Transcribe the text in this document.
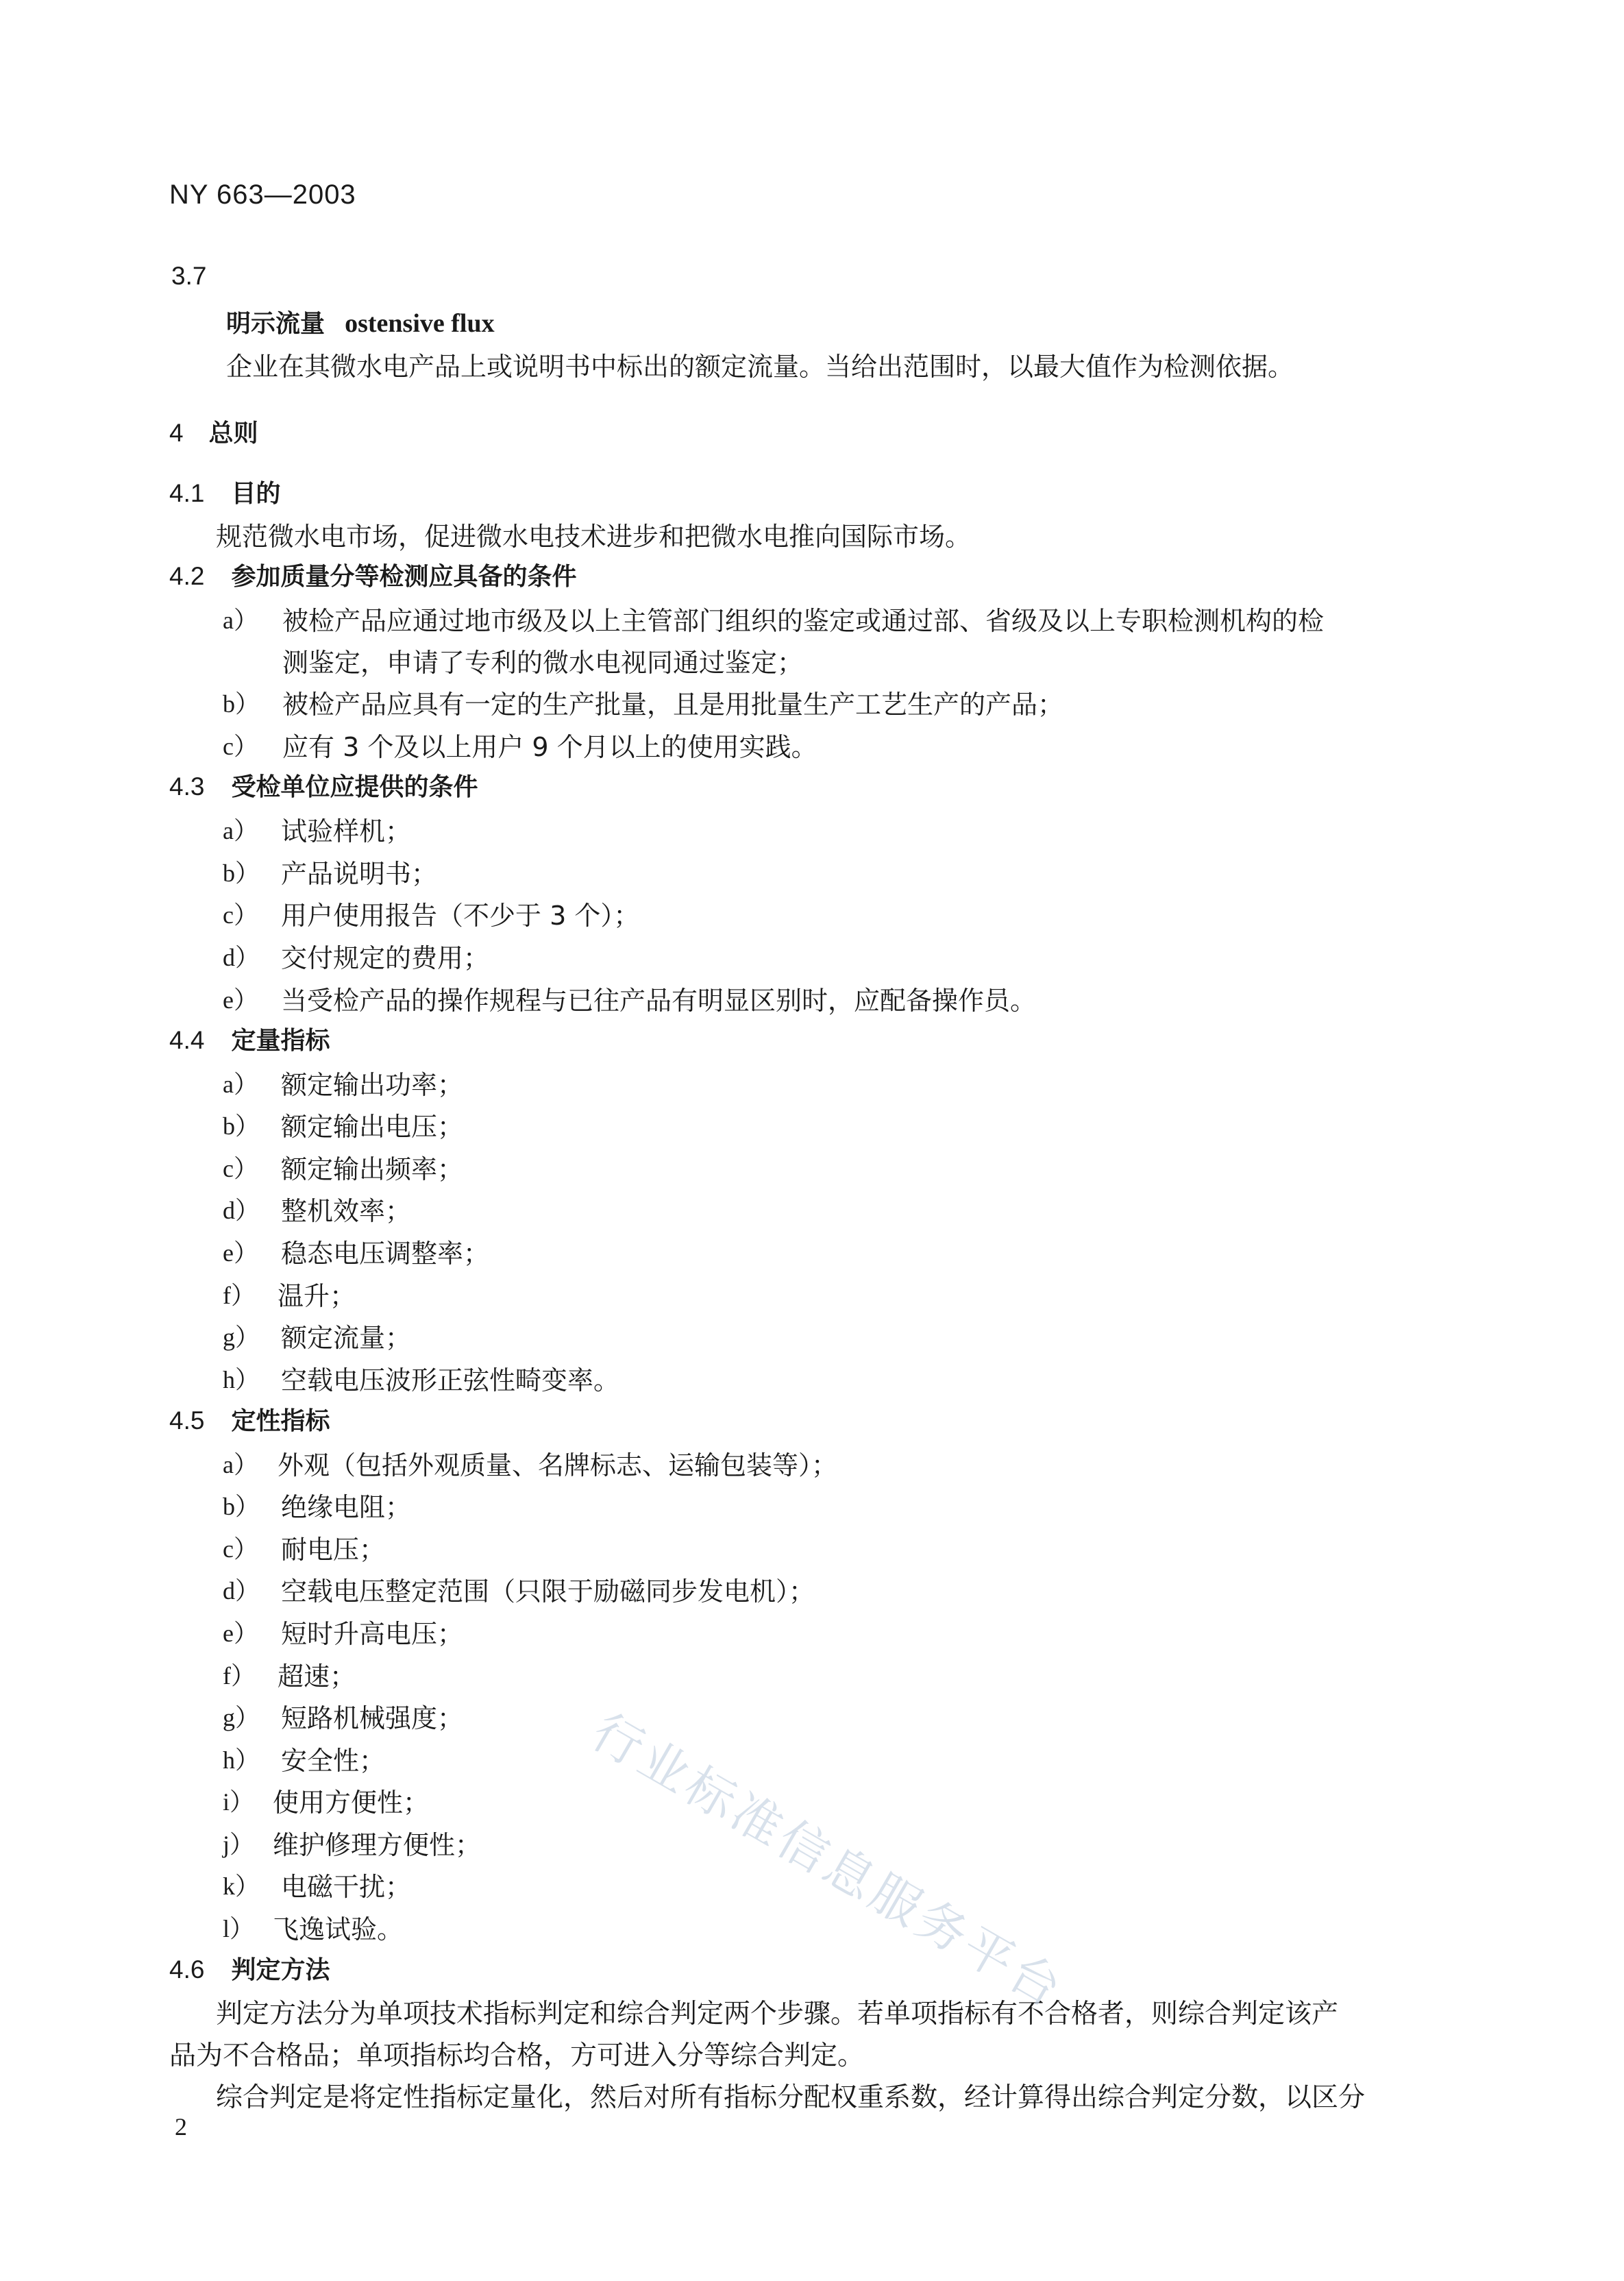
NY 663—2003
3.7
明示流量 ostensive flux
企业在其微水电产品上或说明书中标出的额定流量。当给出范围时，以最大值作为检测依据。
4 总则
4.1 目的
规范微水电市场，促进微水电技术进步和把微水电推向国际市场。
4.2 参加质量分等检测应具备的条件
a） 被检产品应通过地市级及以上主管部门组织的鉴定或通过部、省级及以上专职检测机构的检
测鉴定，申请了专利的微水电视同通过鉴定；
b） 被检产品应具有一定的生产批量，且是用批量生产工艺生产的产品；
c） 应有 3 个及以上用户 9 个月以上的使用实践。
4.3 受检单位应提供的条件
a） 试验样机；
b） 产品说明书；
c） 用户使用报告（不少于 3 个）；
d） 交付规定的费用；
e） 当受检产品的操作规程与已往产品有明显区别时，应配备操作员。
4.4 定量指标
a） 额定输出功率；
b） 额定输出电压；
c） 额定输出频率；
d） 整机效率；
e） 稳态电压调整率；
f） 温升；
g） 额定流量；
h） 空载电压波形正弦性畸变率。
4.5 定性指标
a） 外观（包括外观质量、名牌标志、运输包装等）；
b） 绝缘电阻；
c） 耐电压；
d） 空载电压整定范围（只限于励磁同步发电机）；
e） 短时升高电压；
f） 超速；
g） 短路机械强度；
h） 安全性；
i） 使用方便性；
j） 维护修理方便性；
k） 电磁干扰；
l） 飞逸试验。
4.6 判定方法
判定方法分为单项技术指标判定和综合判定两个步骤。若单项指标有不合格者，则综合判定该产
品为不合格品；单项指标均合格，方可进入分等综合判定。
综合判定是将定性指标定量化，然后对所有指标分配权重系数，经计算得出综合判定分数，以区分
2
行业标准信息服务平台
